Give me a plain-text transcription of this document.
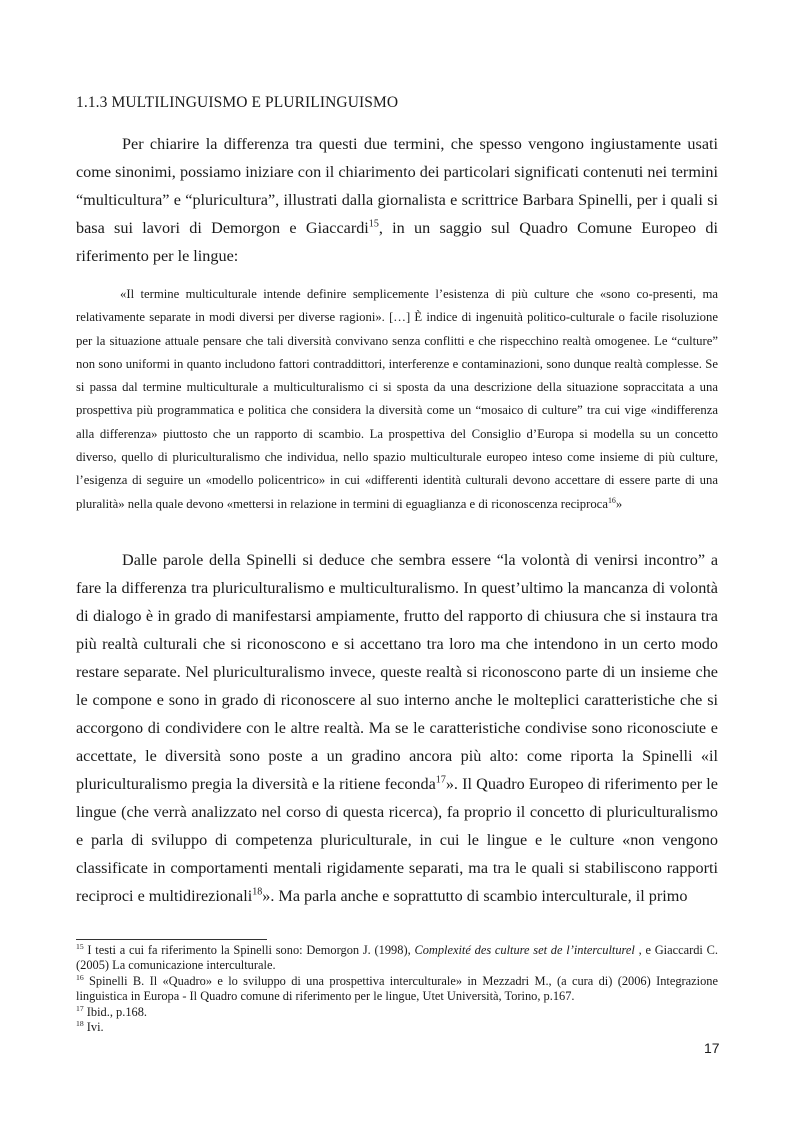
1.1.3 MULTILINGUISMO E PLURILINGUISMO
Per chiarire la differenza tra questi due termini, che spesso vengono ingiustamente usati come sinonimi, possiamo iniziare con il chiarimento dei particolari significati contenuti nei termini “multicultura” e “pluricultura”, illustrati dalla giornalista e scrittrice Barbara Spinelli, per i quali si basa sui lavori di Demorgon e Giaccardi$^{15}$, in un saggio sul Quadro Comune Europeo di riferimento per le lingue:
«Il termine multiculturale intende definire semplicemente l’esistenza di più culture che «sono co-presenti, ma relativamente separate in modi diversi per diverse ragioni». […] È indice di ingenuità politico-culturale o facile risoluzione per la situazione attuale pensare che tali diversità convivano senza conflitti e che rispecchino realtà omogenee. Le “culture” non sono uniformi in quanto includono fattori contraddittori, interferenze e contaminazioni, sono dunque realtà complesse. Se si passa dal termine multiculturale a multiculturalismo ci si sposta da una descrizione della situazione sopraccitata a una prospettiva più programmatica e politica che considera la diversità come un “mosaico di culture” tra cui vige «indifferenza alla differenza» piuttosto che un rapporto di scambio. La prospettiva del Consiglio d’Europa si modella su un concetto diverso, quello di pluriculturalismo che individua, nello spazio multiculturale europeo inteso come insieme di più culture, l’esigenza di seguire un «modello policentrico» in cui «differenti identità culturali devono accettare di essere parte di una pluralità» nella quale devono «mettersi in relazione in termini di eguaglianza e di riconoscenza reciproca$^{16}$»
Dalle parole della Spinelli si deduce che sembra essere “la volontà di venirsi incontro” a fare la differenza tra pluriculturalismo e multiculturalismo. In quest’ultimo la mancanza di volontà di dialogo è in grado di manifestarsi ampiamente, frutto del rapporto di chiusura che si instaura tra più realtà culturali che si riconoscono e si accettano tra loro ma che intendono in un certo modo restare separate. Nel pluriculturalismo invece, queste realtà si riconoscono parte di un insieme che le compone e sono in grado di riconoscere al suo interno anche le molteplici caratteristiche che si accorgono di condividere con le altre realtà. Ma se le caratteristiche condivise sono riconosciute e accettate, le diversità sono poste a un gradino ancora più alto: come riporta la Spinelli «il pluriculturalismo pregia la diversità e la ritiene feconda$^{17}$». Il Quadro Europeo di riferimento per le lingue (che verrà analizzato nel corso di questa ricerca), fa proprio il concetto di pluriculturalismo e parla di sviluppo di competenza pluriculturale, in cui le lingue e le culture «non vengono classificate in comportamenti mentali rigidamente separati, ma tra le quali si stabiliscono rapporti reciproci e multidirezionali$^{18}$». Ma parla anche e soprattutto di scambio interculturale, il primo

$^{15}$ I testi a cui fa riferimento la Spinelli sono: Demorgon J. (1998), Complexité des culture set de l’interculturel , e Giaccardi C. (2005) La comunicazione interculturale.

$^{16}$ Spinelli B. Il «Quadro» e lo sviluppo di una prospettiva interculturale» in Mezzadri M., (a cura di) (2006) Integrazione linguistica in Europa - Il Quadro comune di riferimento per le lingue, Utet Università, Torino, p.167.

$^{17}$ Ibid., p.168.

$^{18}$ Ivi.

17
